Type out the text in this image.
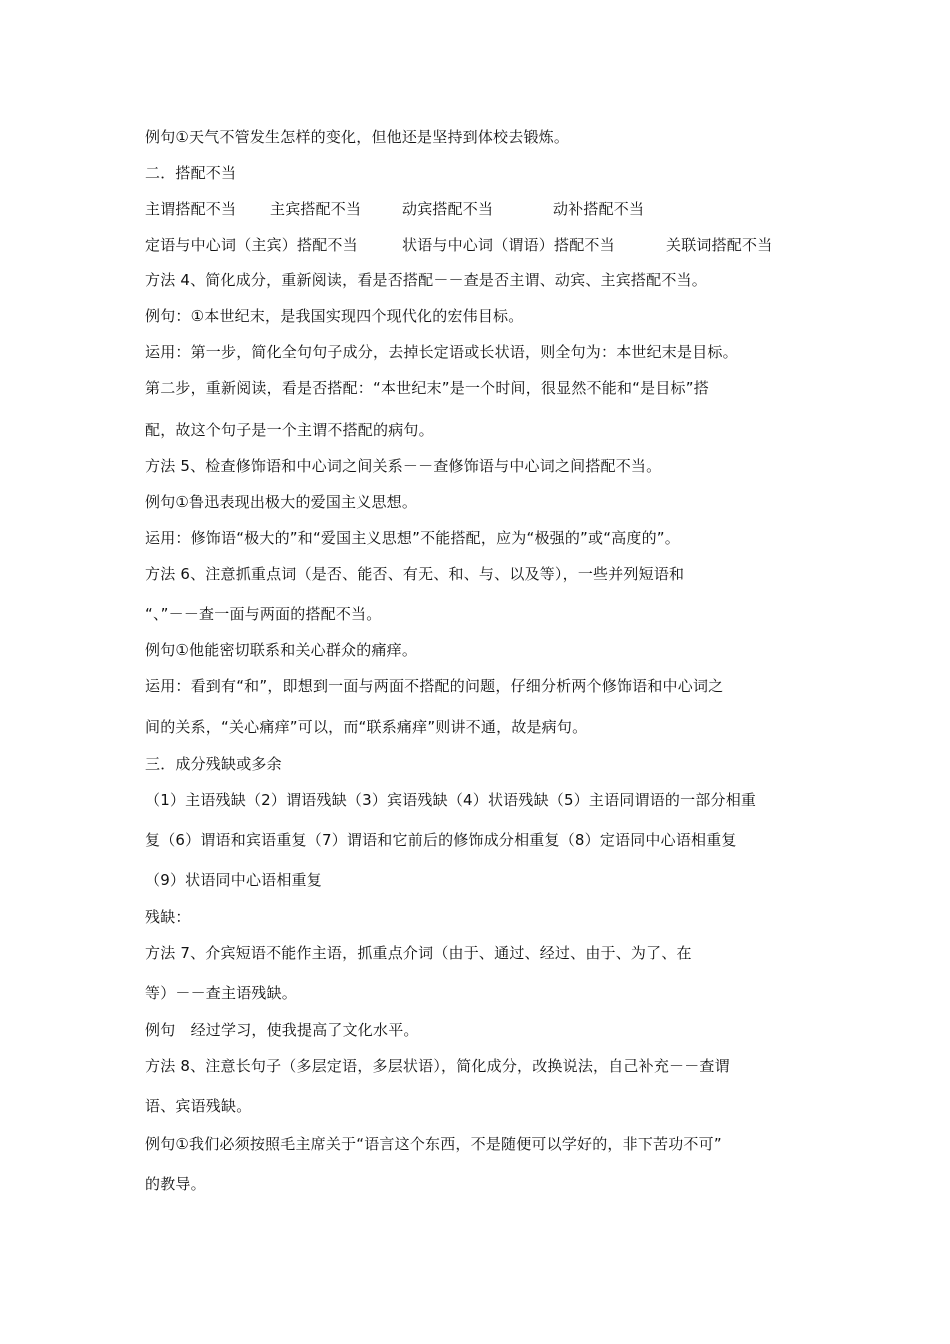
例句①天气不管发生怎样的变化，但他还是坚持到体校去锻炼。
二．搭配不当
主谓搭配不当 主宾搭配不当	动宾搭配不当	动补搭配不当
定语与中心词（主宾）搭配不当	状语与中心词（谓语）搭配不当	关联词搭配不当
方法 4、简化成分，重新阅读，看是否搭配－－查是否主谓、动宾、主宾搭配不当。
例句：①本世纪末，是我国实现四个现代化的宏伟目标。
运用：第一步，简化全句句子成分，去掉长定语或长状语，则全句为：本世纪末是目标。
第二步，重新阅读，看是否搭配：“本世纪末”是一个时间，很显然不能和“是目标”搭
配，故这个句子是一个主谓不搭配的病句。
方法 5、检查修饰语和中心词之间关系－－查修饰语与中心词之间搭配不当。
例句①鲁迅表现出极大的爱国主义思想。
运用：修饰语“极大的”和“爱国主义思想”不能搭配，应为“极强的”或“高度的”。
方法 6、注意抓重点词（是否、能否、有无、和、与、以及等），一些并列短语和
“、”－－查一面与两面的搭配不当。
例句①他能密切联系和关心群众的痛痒。
运用：看到有“和”，即想到一面与两面不搭配的问题，仔细分析两个修饰语和中心词之
间的关系，“关心痛痒”可以，而“联系痛痒”则讲不通，故是病句。
三．成分残缺或多余
（1）主语残缺（2）谓语残缺（3）宾语残缺（4）状语残缺（5）主语同谓语的一部分相重
复（6）谓语和宾语重复（7）谓语和它前后的修饰成分相重复（8）定语同中心语相重复
（9）状语同中心语相重复
残缺：
方法 7、介宾短语不能作主语，抓重点介词（由于、通过、经过、由于、为了、在
等）－－查主语残缺。
例句　经过学习，使我提高了文化水平。
方法 8、注意长句子（多层定语，多层状语），简化成分，改换说法，自己补充－－查谓
语、宾语残缺。
例句①我们必须按照毛主席关于“语言这个东西，不是随便可以学好的，非下苦功不可”
的教导。
